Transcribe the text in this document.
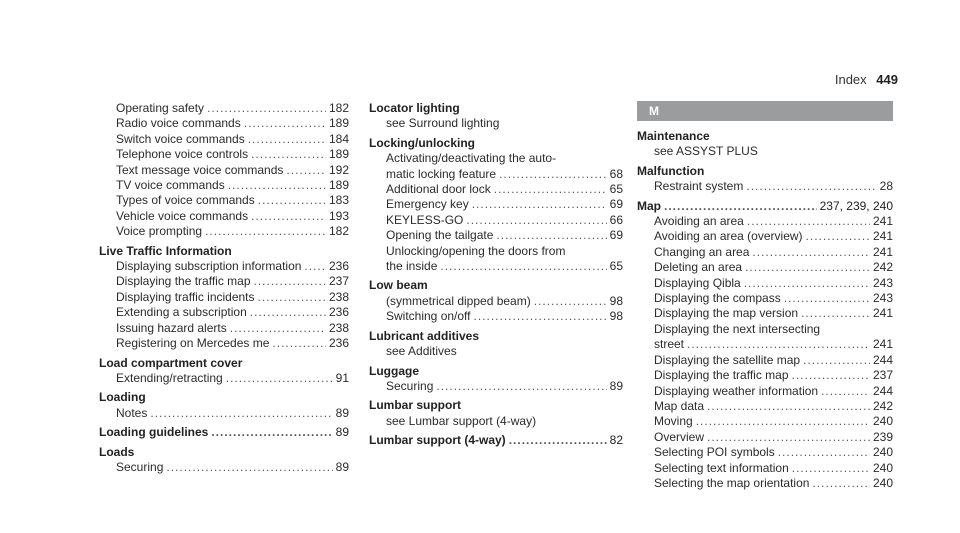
Index 449
Operating safety .....	182
Radio voice commands .....	189
Switch voice commands .....	184
Telephone voice controls .....	189
Text message voice commands .....	192
TV voice commands .....	189
Types of voice commands .....	183
Vehicle voice commands .....	193
Voice prompting .....	182
Live Traffic Information
Displaying subscription information ..... 236
Displaying the traffic map .....	237
Displaying traffic incidents .....	238
Extending a subscription .....	236
Issuing hazard alerts .....	238
Registering on Mercedes me .....	236
Load compartment cover
Extending/retracting .....	91
Loading
Notes .....	89
Loading guidelines .....	89
Loads
Securing .....	89
Locator lighting
see Surround lighting
Locking/unlocking
Activating/deactivating the auto-
matic locking feature .....	68
Additional door lock .....	65
Emergency key .....	69
KEYLESS-GO .....	66
Opening the tailgate .....	69
Unlocking/opening the doors from
the inside .....	65
Low beam
(symmetrical dipped beam) .....	98
Switching on/off .....	98
Lubricant additives
see Additives
Luggage
Securing .....	89
Lumbar support
see Lumbar support (4-way)
Lumbar support (4-way) .....	82
M
Maintenance
see ASSYST PLUS
Malfunction
Restraint system .....	28
Map .....	237, 239, 240
Avoiding an area .....	241
Avoiding an area (overview) .....	241
Changing an area .....	241
Deleting an area .....	242
Displaying Qibla .....	243
Displaying the compass .....	243
Displaying the map version .....	241
Displaying the next intersecting
street .....	241
Displaying the satellite map .....	244
Displaying the traffic map .....	237
Displaying weather information .....	244
Map data .....	242
Moving .....	240
Overview .....	239
Selecting POI symbols .....	240
Selecting text information .....	240
Selecting the map orientation .....	240
